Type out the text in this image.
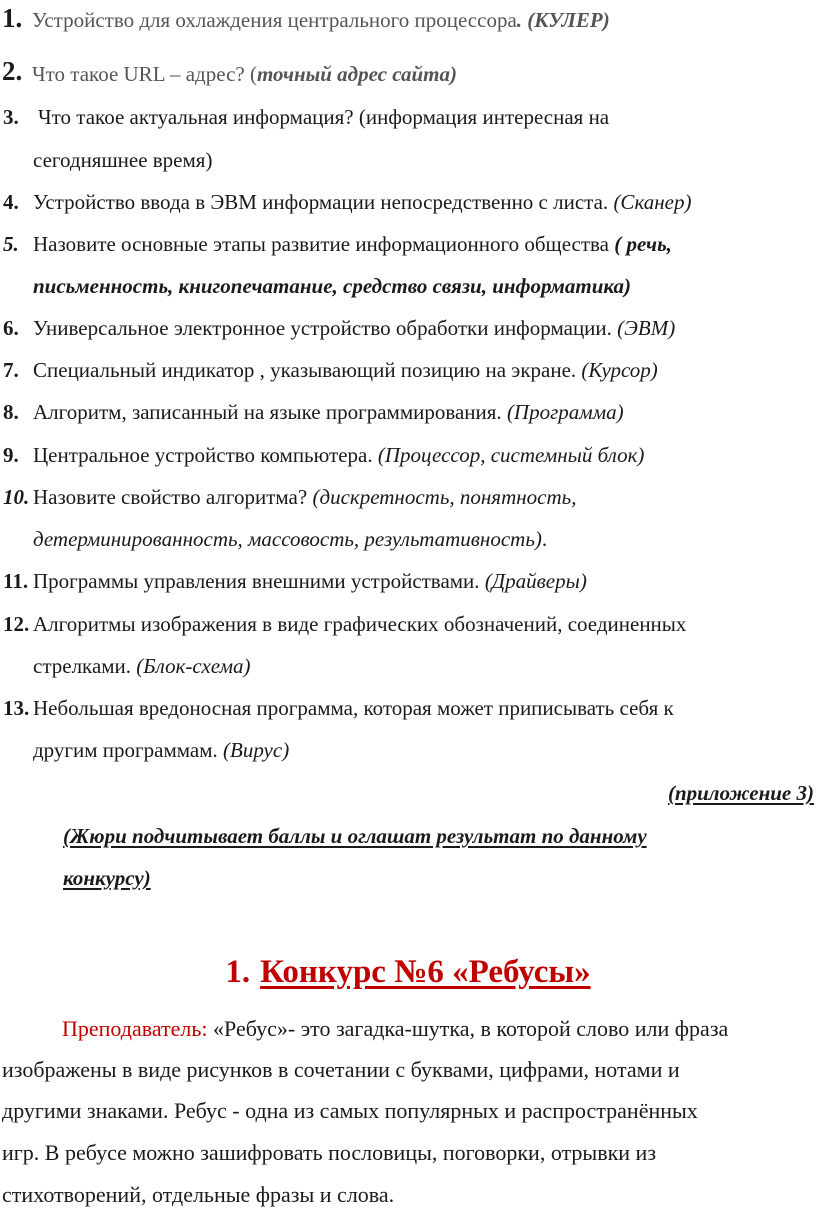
1. Устройство для охлаждения центрального процессора. (КУЛЕР)
2. Что такое URL – адрес? (точный адрес сайта)
3. Что такое актуальная информация? (информация интересная на
сегодняшнее время)
4. Устройство ввода в ЭВМ информации непосредственно с листа. (Сканер)
5. Назовите основные этапы развитие информационного общества ( речь,
письменность, книгопечатание, средство связи, информатика)
6. Универсальное электронное устройство обработки информации. (ЭВМ)
7. Специальный индикатор , указывающий позицию на экране. (Курсор)
8. Алгоритм, записанный на языке программирования. (Программа)
9. Центральное устройство компьютера. (Процессор, системный блок)
10. Назовите свойство алгоритма? (дискретность, понятность,
детерминированность, массовость, результативность).
11. Программы управления внешними устройствами. (Драйверы)
12. Алгоритмы изображения в виде графических обозначений, соединенных
стрелками. (Блок-схема)
13. Небольшая вредоносная программа, которая может приписывать себя к
другим программам. (Вирус)
(приложение 3)
(Жюри подчитывает баллы и оглашат результат по данному
конкурсу)
1. Конкурс №6 «Ребусы»
Преподаватель: «Ребус»- это загадка-шутка, в которой слово или фраза
изображены в виде рисунков в сочетании с буквами, цифрами, нотами и
другими знаками. Ребус - одна из самых популярных и распространённых
игр. В ребусе можно зашифровать пословицы, поговорки, отрывки из
стихотворений, отдельные фразы и слова.
